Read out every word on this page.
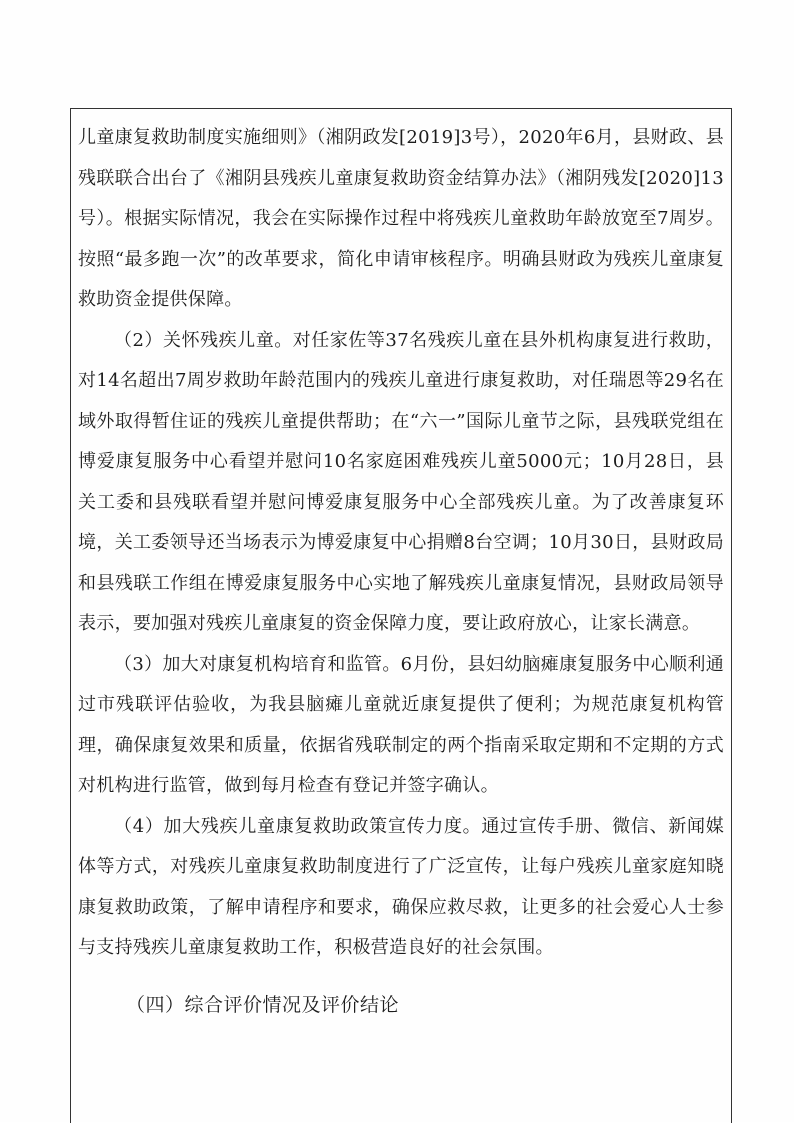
儿童康复救助制度实施细则》（湘阴政发[2019]3号），2020年6月，县财政、县残联联合出台了《湘阴县残疾儿童康复救助资金结算办法》（湘阴残发[2020]13号）。根据实际情况，我会在实际操作过程中将残疾儿童救助年龄放宽至7周岁。按照“最多跑一次”的改革要求，简化申请审核程序。明确县财政为残疾儿童康复救助资金提供保障。

（2）关怀残疾儿童。对任家佐等37名残疾儿童在县外机构康复进行救助，对14名超出7周岁救助年龄范围内的残疾儿童进行康复救助，对任瑞恩等29名在域外取得暂住证的残疾儿童提供帮助；在“六一”国际儿童节之际，县残联党组在博爱康复服务中心看望并慰问10名家庭困难残疾儿童5000元；10月28日，县关工委和县残联看望并慰问博爱康复服务中心全部残疾儿童。为了改善康复环境，关工委领导还当场表示为博爱康复中心捐赠8台空调；10月30日，县财政局和县残联工作组在博爱康复服务中心实地了解残疾儿童康复情况，县财政局领导表示，要加强对残疾儿童康复的资金保障力度，要让政府放心，让家长满意。

（3）加大对康复机构培育和监管。6月份，县妇幼脑瘫康复服务中心顺利通过市残联评估验收，为我县脑瘫儿童就近康复提供了便利；为规范康复机构管理，确保康复效果和质量，依据省残联制定的两个指南采取定期和不定期的方式对机构进行监管，做到每月检查有登记并签字确认。

（4）加大残疾儿童康复救助政策宣传力度。通过宣传手册、微信、新闻媒体等方式，对残疾儿童康复救助制度进行了广泛宣传，让每户残疾儿童家庭知晓康复救助政策，了解申请程序和要求，确保应救尽救，让更多的社会爱心人士参与支持残疾儿童康复救助工作，积极营造良好的社会氛围。

（四）综合评价情况及评价结论
